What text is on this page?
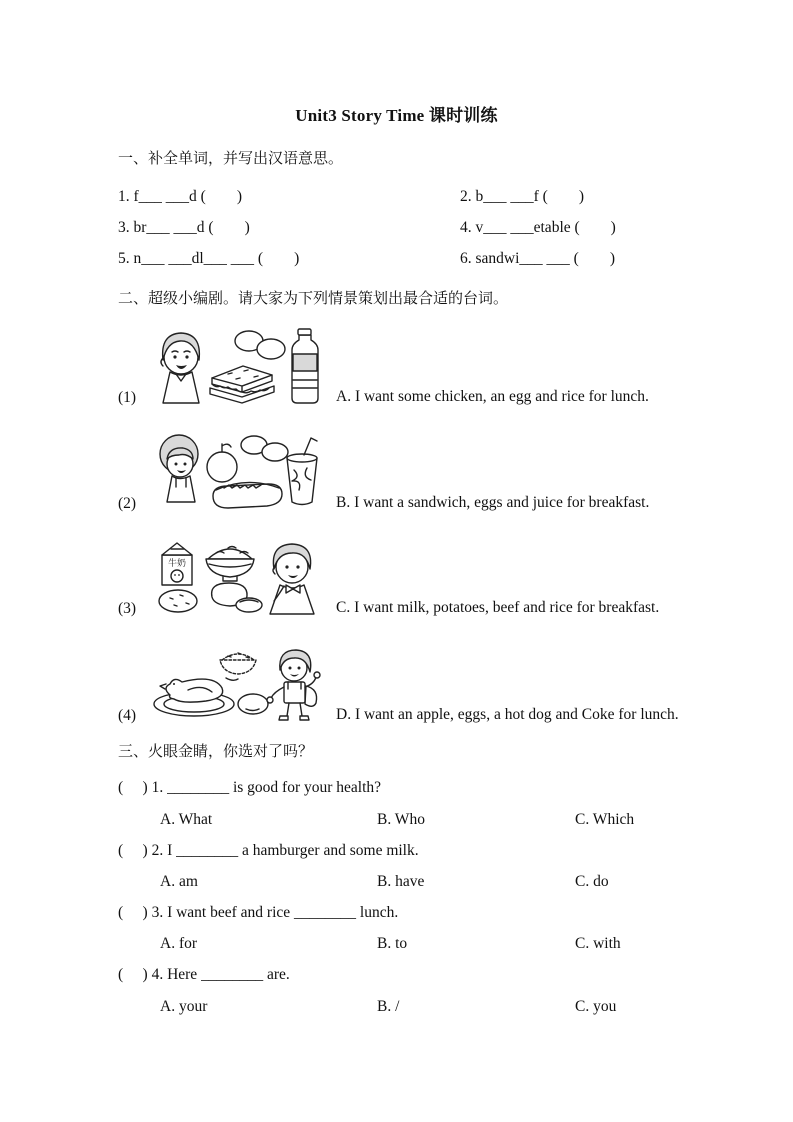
Unit3 Story Time 课时训练
一、补全单词，并写出汉语意思。
1. f___ ___d (        )	2. b___ ___f (        )
3. br___ ___d (        )	4. v___ ___etable (        )
5. n___ ___dl___ ___ (        )	6. sandwi___ ___ (        )
二、超级小编剧。请大家为下列情景策划出最合适的台词。
(1)	A. I want some chicken, an egg and rice for lunch.
(2)	B. I want a sandwich, eggs and juice for breakfast.
(3)
牛奶
C. I want milk, potatoes, beef and rice for breakfast.
(4)	D. I want an apple, eggs, a hot dog and Coke for lunch.
三、火眼金睛，你选对了吗？
(     ) 1. ________ is good for your health?
A. What	B. Who	C. Which
(     ) 2. I ________ a hamburger and some milk.
A. am	B. have	C. do
(     ) 3. I want beef and rice ________ lunch.
A. for	B. to	C. with
(     ) 4. Here ________ are.
A. your	B. /	C. you
